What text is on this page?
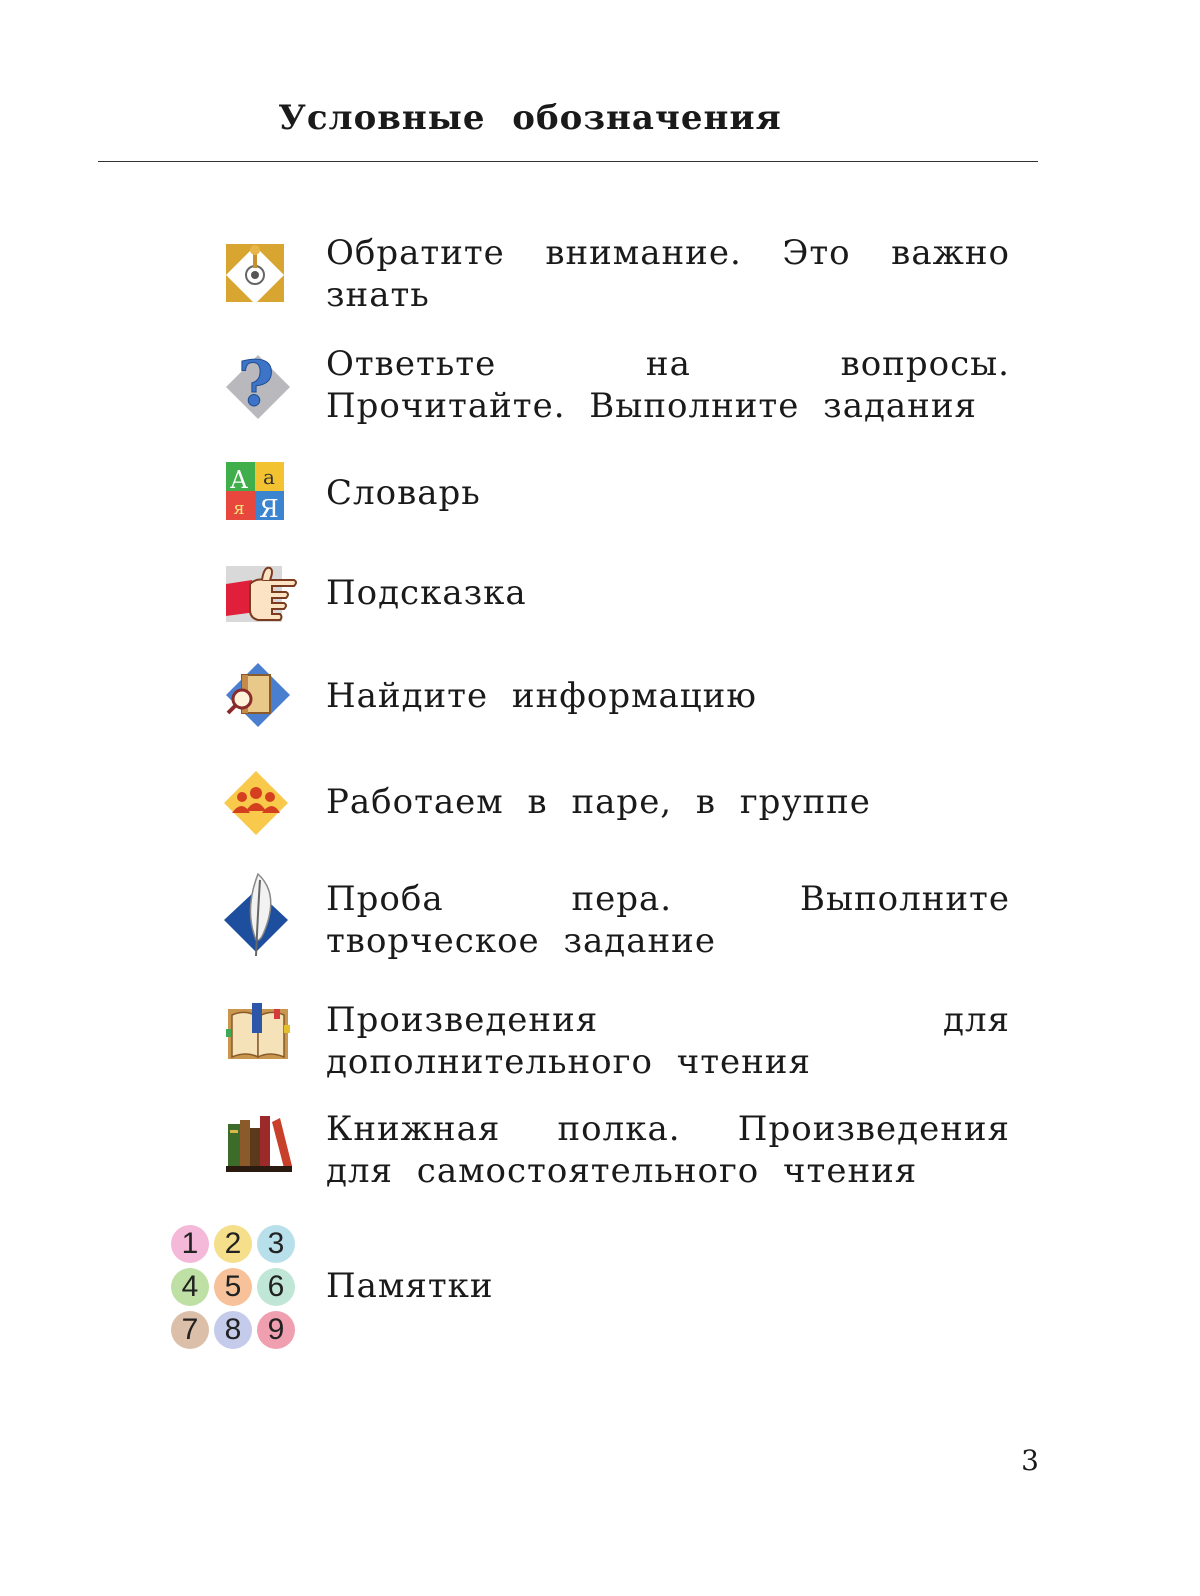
Условные обозначения
Обратите внимание. Это важно знать
? Ответьте на вопросы. Прочитайте. Выполните задания
А а
я Я Словарь
Подсказка
Найдите информацию
Работаем в паре, в группе
Проба пера. Выполните творческое задание
Произведения для дополнительного чтения
Книжная полка. Произведения для самостоятельного чтения
1 2 3
4 5 6
7 8 9
Памятки
3
